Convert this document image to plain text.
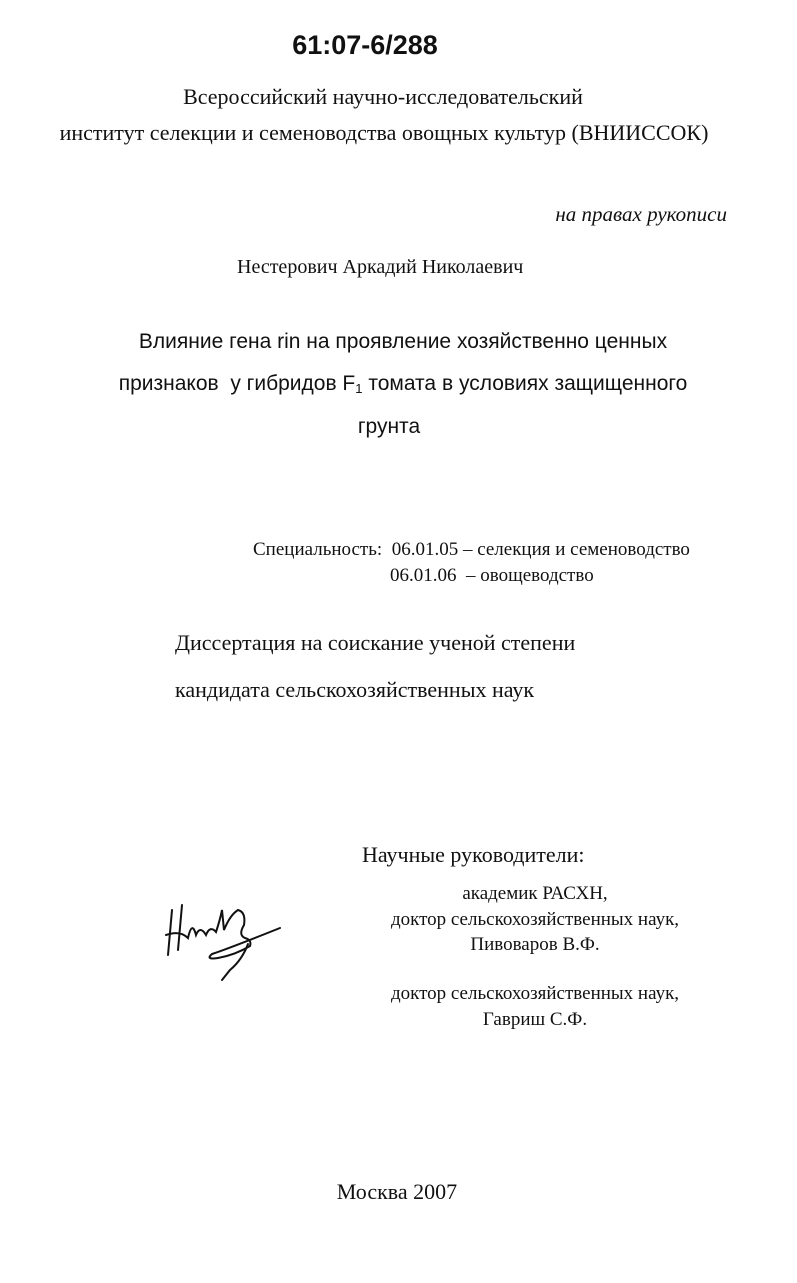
61:07-6/288
Всероссийский научно-исследовательский
институт селекции и семеноводства овощных культур (ВНИИССОК)
на правах рукописи
Нестерович Аркадий Николаевич
Влияние гена rin на проявление хозяйственно ценных
признаков  у гибридов $F_1$ томата в условиях защищенного
грунта
Специальность: 06.01.05 – селекция и семеноводство
06.01.06  – овощеводство
Диссертация на соискание ученой степени
кандидата сельскохозяйственных наук
Научные руководители:
академик РАСХН,
доктор сельскохозяйственных наук,
Пивоваров В.Ф.
доктор сельскохозяйственных наук,
Гавриш С.Ф.
Москва 2007
